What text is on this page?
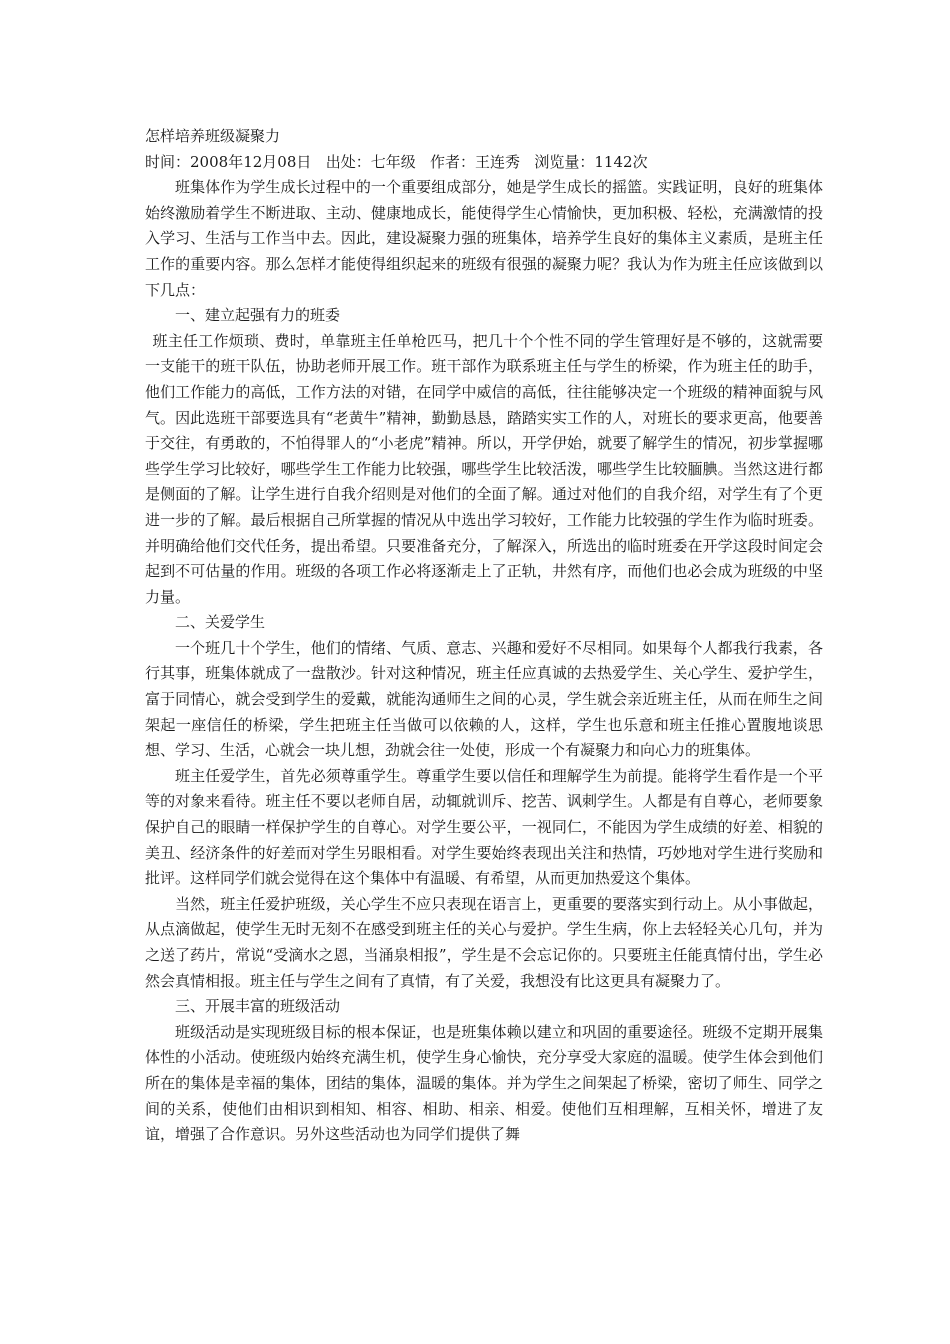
怎样培养班级凝聚力

时间：2008年12月08日 出处：七年级 作者：王连秀 浏览量：1142次

班集体作为学生成长过程中的一个重要组成部分，她是学生成长的摇篮。实践证明，良好的班集体始终激励着学生不断进取、主动、健康地成长，能使得学生心情愉快，更加积极、轻松，充满激情的投入学习、生活与工作当中去。因此，建设凝聚力强的班集体，培养学生良好的集体主义素质，是班主任工作的重要内容。那么怎样才能使得组织起来的班级有很强的凝聚力呢？我认为作为班主任应该做到以下几点：

一、建立起强有力的班委

班主任工作烦琐、费时，单靠班主任单枪匹马，把几十个个性不同的学生管理好是不够的，这就需要一支能干的班干队伍，协助老师开展工作。班干部作为联系班主任与学生的桥梁，作为班主任的助手，他们工作能力的高低，工作方法的对错，在同学中威信的高低，往往能够决定一个班级的精神面貌与风气。因此选班干部要选具有“老黄牛”精神，勤勤恳恳，踏踏实实工作的人，对班长的要求更高，他要善于交往，有勇敢的，不怕得罪人的“小老虎”精神。所以，开学伊始，就要了解学生的情况，初步掌握哪些学生学习比较好，哪些学生工作能力比较强，哪些学生比较活泼，哪些学生比较腼腆。当然这进行都是侧面的了解。让学生进行自我介绍则是对他们的全面了解。通过对他们的自我介绍，对学生有了个更进一步的了解。最后根据自己所掌握的情况从中选出学习较好，工作能力比较强的学生作为临时班委。并明确给他们交代任务，提出希望。只要准备充分，了解深入，所选出的临时班委在开学这段时间定会起到不可估量的作用。班级的各项工作必将逐渐走上了正轨，井然有序，而他们也必会成为班级的中坚力量。

二、关爱学生

一个班几十个学生，他们的情绪、气质、意志、兴趣和爱好不尽相同。如果每个人都我行我素，各行其事，班集体就成了一盘散沙。针对这种情况，班主任应真诚的去热爱学生、关心学生、爱护学生，富于同情心，就会受到学生的爱戴，就能沟通师生之间的心灵，学生就会亲近班主任，从而在师生之间架起一座信任的桥梁，学生把班主任当做可以依赖的人，这样，学生也乐意和班主任推心置腹地谈思想、学习、生活，心就会一块儿想，劲就会往一处使，形成一个有凝聚力和向心力的班集体。

班主任爱学生，首先必须尊重学生。尊重学生要以信任和理解学生为前提。能将学生看作是一个平等的对象来看待。班主任不要以老师自居，动辄就训斥、挖苦、讽刺学生。人都是有自尊心，老师要象保护自己的眼睛一样保护学生的自尊心。对学生要公平，一视同仁，不能因为学生成绩的好差、相貌的美丑、经济条件的好差而对学生另眼相看。对学生要始终表现出关注和热情，巧妙地对学生进行奖励和批评。这样同学们就会觉得在这个集体中有温暖、有希望，从而更加热爱这个集体。

当然，班主任爱护班级，关心学生不应只表现在语言上，更重要的要落实到行动上。从小事做起，从点滴做起，使学生无时无刻不在感受到班主任的关心与爱护。学生生病，你上去轻轻关心几句，并为之送了药片，常说“受滴水之恩，当涌泉相报”，学生是不会忘记你的。只要班主任能真情付出，学生必然会真情相报。班主任与学生之间有了真情，有了关爱，我想没有比这更具有凝聚力了。

三、开展丰富的班级活动

班级活动是实现班级目标的根本保证，也是班集体赖以建立和巩固的重要途径。班级不定期开展集体性的小活动。使班级内始终充满生机，使学生身心愉快，充分享受大家庭的温暖。使学生体会到他们所在的集体是幸福的集体，团结的集体，温暖的集体。并为学生之间架起了桥梁，密切了师生、同学之间的关系，使他们由相识到相知、相容、相助、相亲、相爱。使他们互相理解，互相关怀，增进了友谊，增强了合作意识。另外这些活动也为同学们提供了舞
